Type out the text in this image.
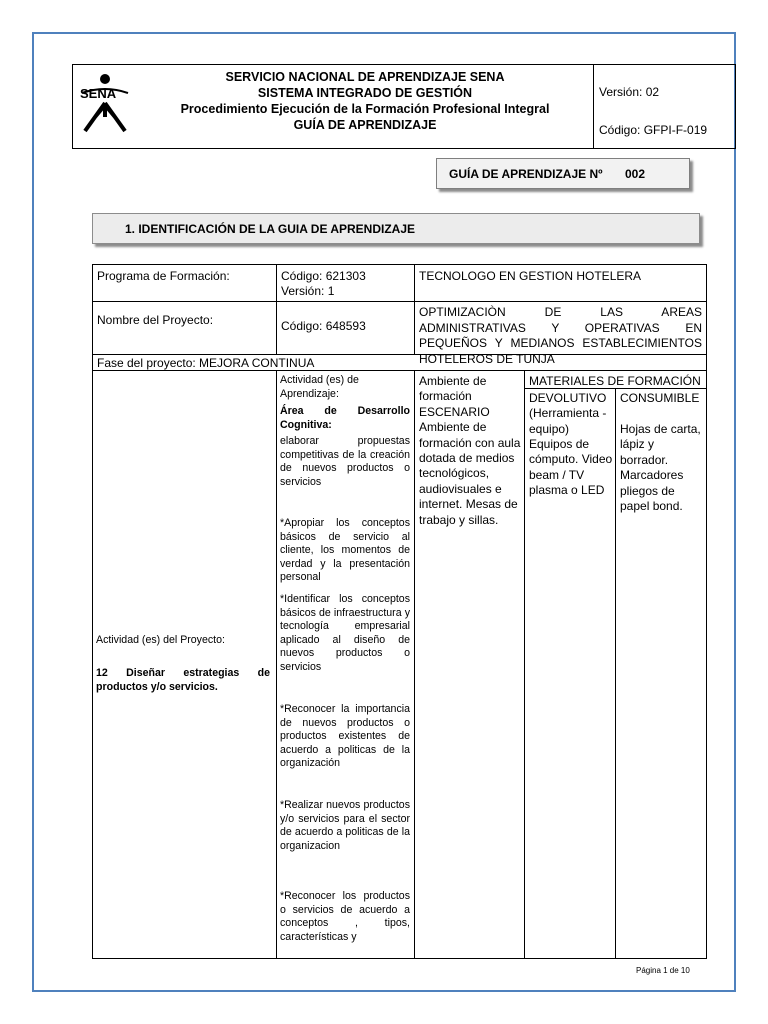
SENA
SERVICIO NACIONAL DE APRENDIZAJE SENA
SISTEMA INTEGRADO DE GESTIÓN
Procedimiento Ejecución de la Formación Profesional Integral
GUÍA DE APRENDIZAJE
Versión: 02
Código: GFPI-F-019
GUÍA DE APRENDIZAJE Nº 002
1. IDENTIFICACIÓN DE LA GUIA DE APRENDIZAJE
Programa de Formación:	Código: 621303
Versión: 1
TECNOLOGO EN GESTION HOTELERA
Nombre del Proyecto:	Código: 648593
OPTIMIZACIÒN DE LAS AREAS ADMINISTRATIVAS Y OPERATIVAS EN PEQUEÑOS Y MEDIANOS ESTABLECIMIENTOS HOTELEROS DE TUNJA
Fase del proyecto: MEJORA CONTINUA
Actividad (es) del Proyecto:
12 Diseñar estrategias de productos y/o servicios.
Actividad (es) de Aprendizaje:
Área de Desarrollo Cognitiva:
elaborar propuestas competitivas de la creación de nuevos productos o servicios
*Apropiar los conceptos básicos de servicio al cliente, los momentos de verdad y la presentación personal
*Identificar los conceptos básicos de infraestructura y tecnología empresarial aplicado al diseño de nuevos productos o servicios
*Reconocer la importancia de nuevos productos o productos existentes de acuerdo a politicas de la organización
*Realizar nuevos productos y/o servicios para el sector de acuerdo a politicas de la organizacion
*Reconocer los productos o servicios de acuerdo a conceptos , tipos, características y
Ambiente de formación ESCENARIO Ambiente de formación con aula dotada de medios tecnológicos, audiovisuales e internet. Mesas de trabajo y sillas.
MATERIALES DE FORMACIÓN
DEVOLUTIVO (Herramienta - equipo)
Equipos de cómputo. Video beam / TV plasma o LED
CONSUMIBLE
Hojas de carta, lápiz y borrador. Marcadores pliegos de papel bond.
Página 1 de 10
